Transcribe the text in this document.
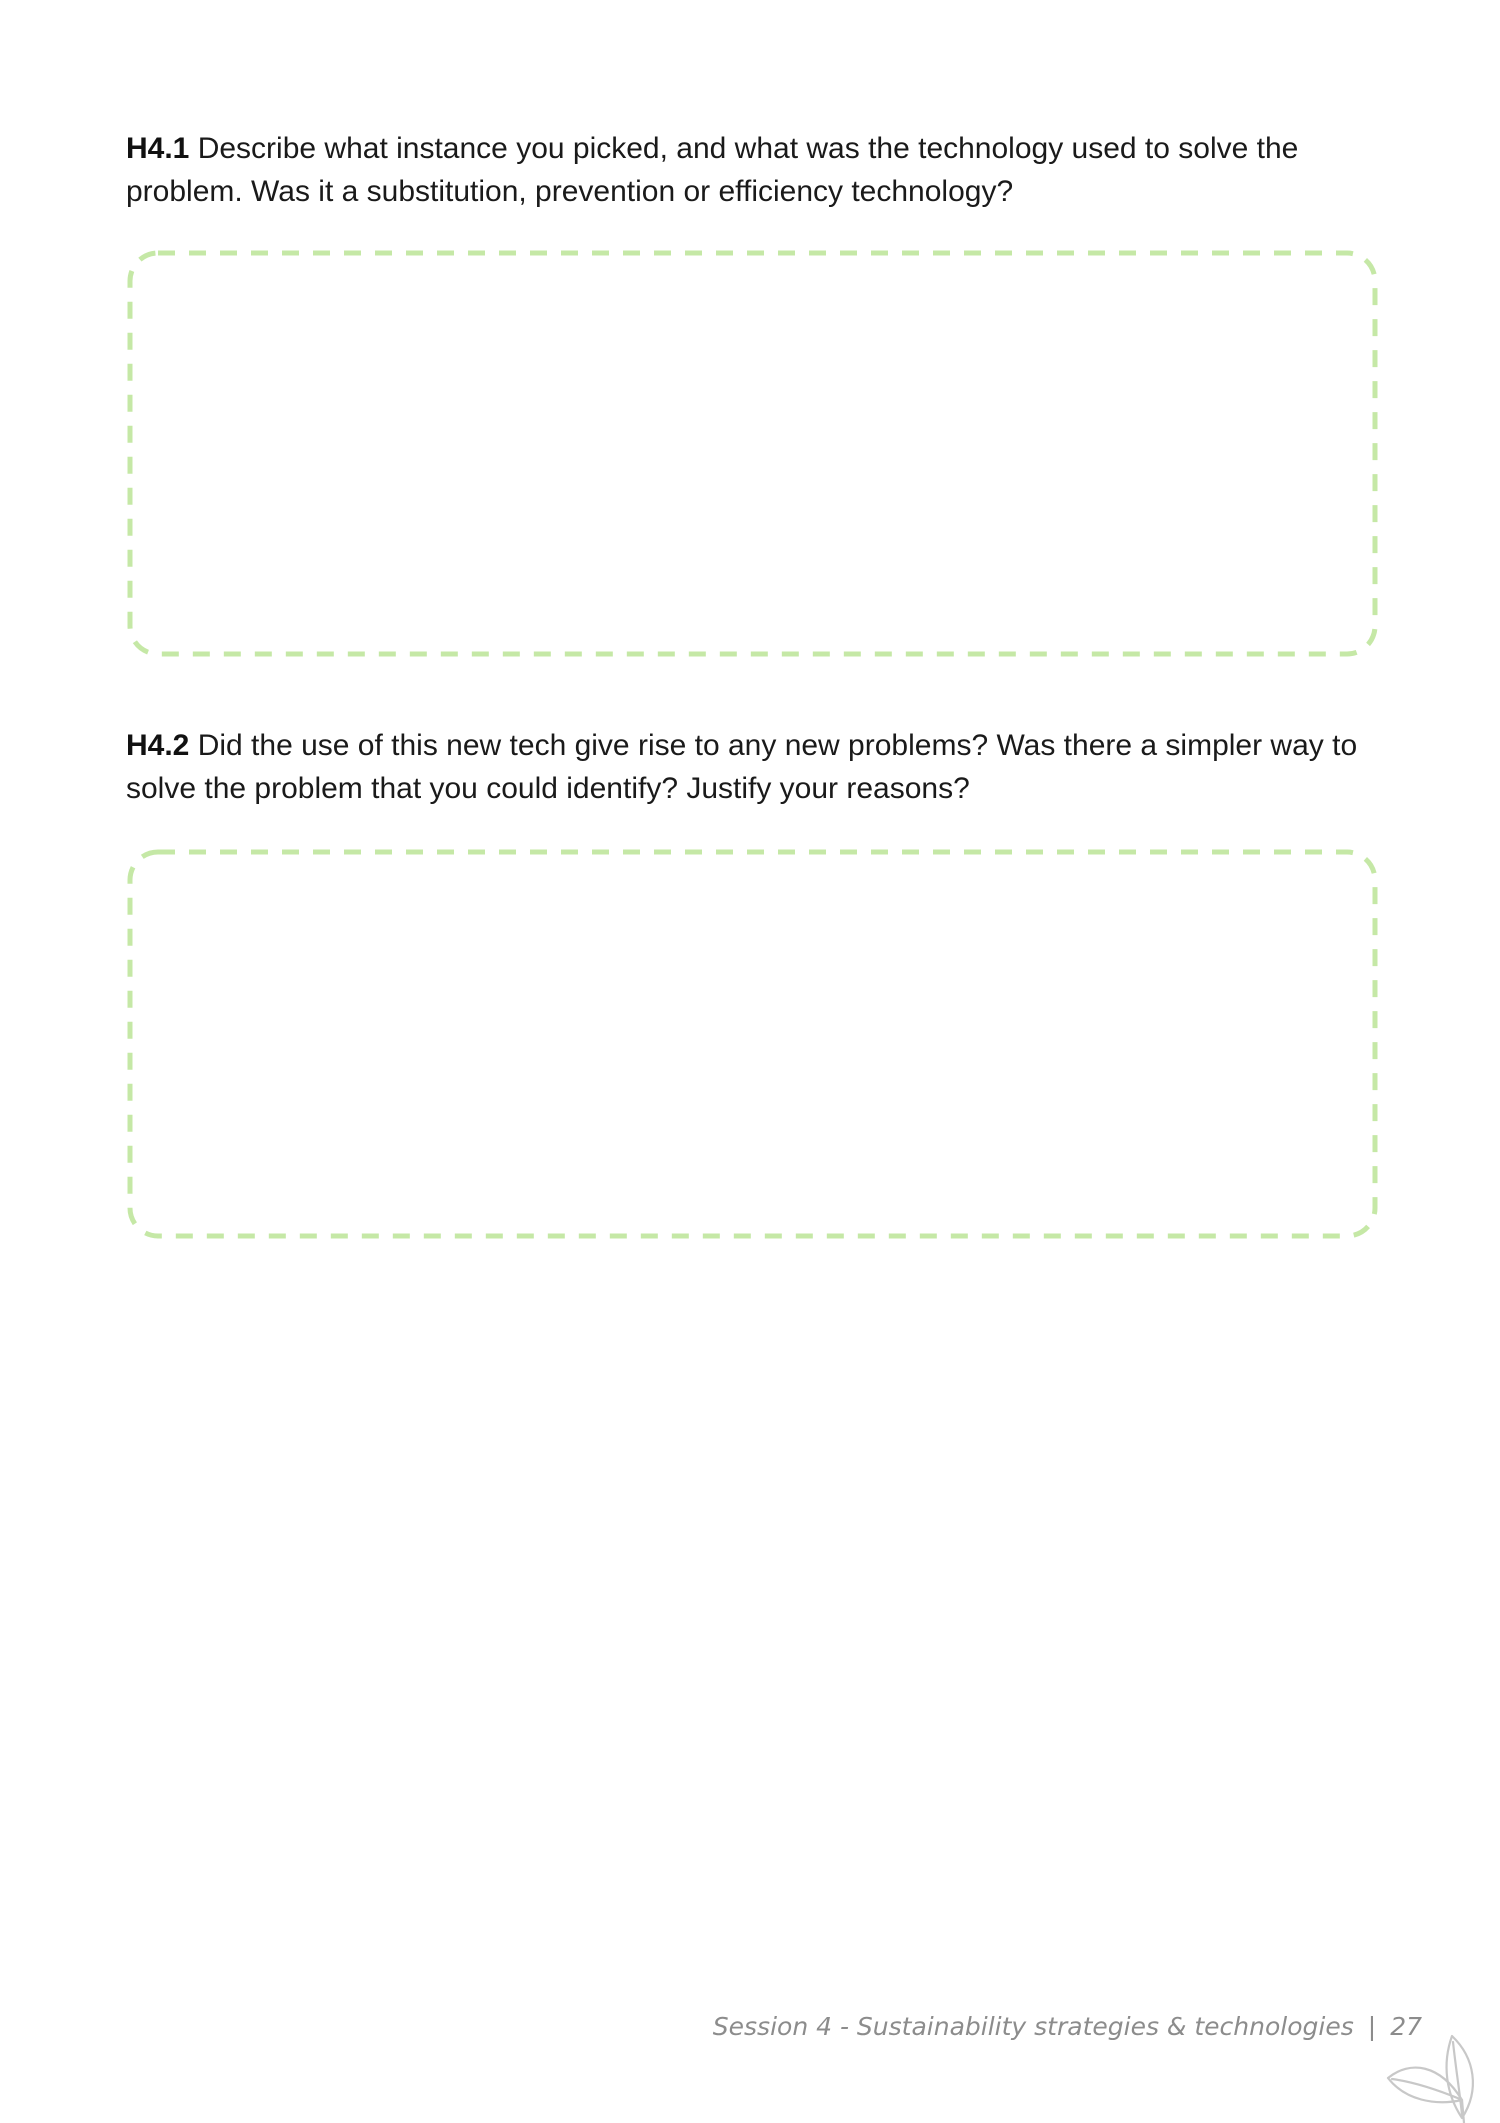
H4.1 Describe what instance you picked, and what was the technology used to solve the problem. Was it a substitution, prevention or efficiency technology?

H4.2 Did the use of this new tech give rise to any new problems? Was there a simpler way to solve the problem that you could identify? Justify your reasons?

Session 4 - Sustainability strategies & technologies | 27
